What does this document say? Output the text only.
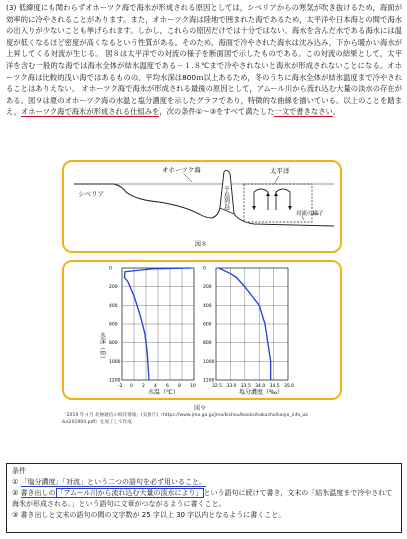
(3) 低緯度にも関わらずオホーツク海で海氷が形成される原因としては，シベリアからの寒気が吹き抜けるため，海面が効率的に冷やされることがあります。また，オホーツク海は陸地で囲まれた海であるため，太平洋や日本海との間で海水の出入りが少ないことも挙げられます。しかし，これらの原因だけでは十分ではない。海水を含んだ水である海水には温度が低くなるほど密度が高くなるという性質がある。そのため，海面で冷やされた海水は沈み込み，下から暖かい海水が上昇してくる対流が生じる。 図８は太平洋での対流の様子を断面図で示したものである。この対流の結果として，太平洋を含む一般的な海では海水全体が結氷温度である－１.８℃まで冷やされないと海氷が形成されないことになる。オホーツク海は比較的浅い海ではあるものの，平均水深は800ｍ以上あるため，冬のうちに海水全体が結氷温度まで冷やされることはありえない。 オホーツク海で海氷が形成される最後の原因として，アムール川から流れ込む大量の淡水の存在がある。図９は夏のオホーツク海の水温と塩分濃度を示したグラフであり，特徴的な曲線を描いている。以上のことを踏まえ，オホーツク海で海氷が形成される仕組みを，次の条件①～③をすべて満たした一文で書きなさい。
シベリア
オホーツク海	太平洋
千島列島
対流の様子
図８
水深（ｍ）
-2 0 2 4 6 8 10
0
200
400
600
800
1000
1200
32.5 33.0 33.5 34.0 34.5 35.0
0
200
400
600
800
1000
1200
水温（℃）	塩分濃度（‰）
図９
「2019 年４月 北極通信の海洋情報」(気象庁)（https://www.jma.go.jp/jma/kishou/books/hakusho/kaiyo_info_uk
ika201904.pdf）を加工して作成
条件
① 「塩分濃度」「対流」という二つの語句を必ず用いること。
② 書き出しの「アムール川から流れ込む大量の淡水により」という語句に続けて書き，文末の「結氷温度まで冷やされて海氷が形成される。」という語句に文章がつながるように書くこと。
③ 書き出しと文末の語句の間の文字数が 25 字以上 30 字以内となるように書くこと。
